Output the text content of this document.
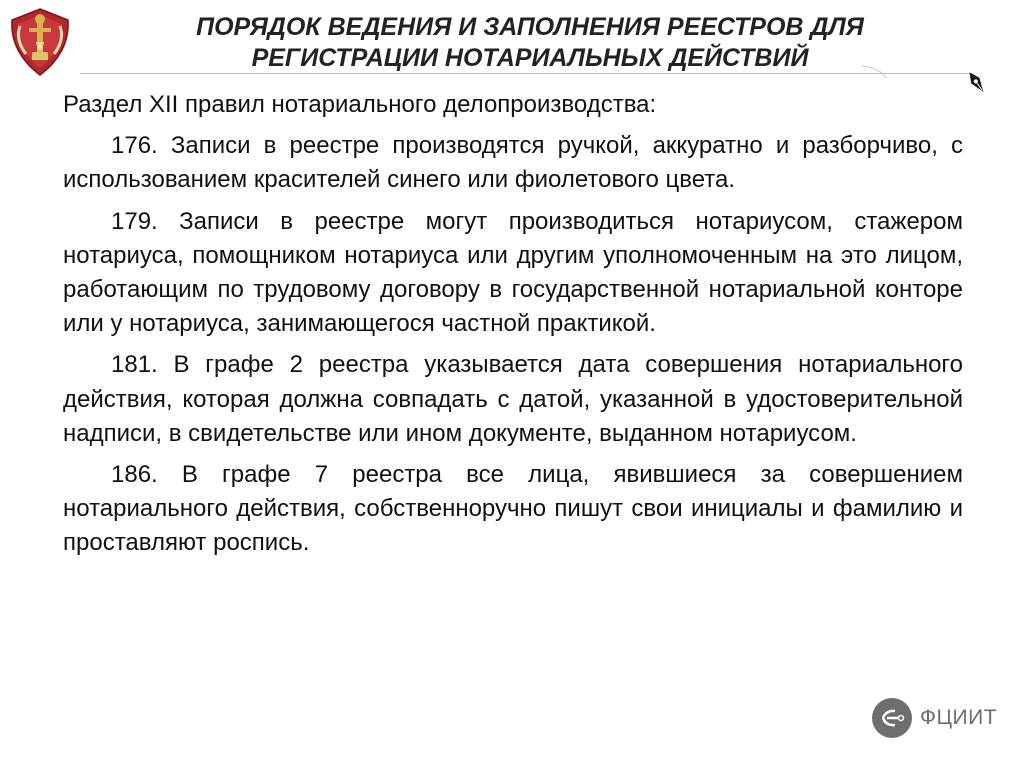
ПОРЯДОК ВЕДЕНИЯ И ЗАПОЛНЕНИЯ РЕЕСТРОВ ДЛЯ
РЕГИСТРАЦИИ НОТАРИАЛЬНЫХ ДЕЙСТВИЙ

Раздел XII правил нотариального делопроизводства:

176. Записи в реестре производятся ручкой, аккуратно и разборчиво, с использованием красителей синего или фиолетового цвета.

179. Записи в реестре могут производиться нотариусом, стажером нотариуса, помощником нотариуса или другим уполномоченным на это лицом, работающим по трудовому договору в государственной нотариальной конторе или у нотариуса, занимающегося частной практикой.

181. В графе 2 реестра указывается дата совершения нотариального действия, которая должна совпадать с датой, указанной в удостоверительной надписи, в свидетельстве или ином документе, выданном нотариусом.

186. В графе 7 реестра все лица, явившиеся за совершением нотариального действия, собственноручно пишут свои инициалы и фамилию и проставляют роспись.

ФЦИИТ
